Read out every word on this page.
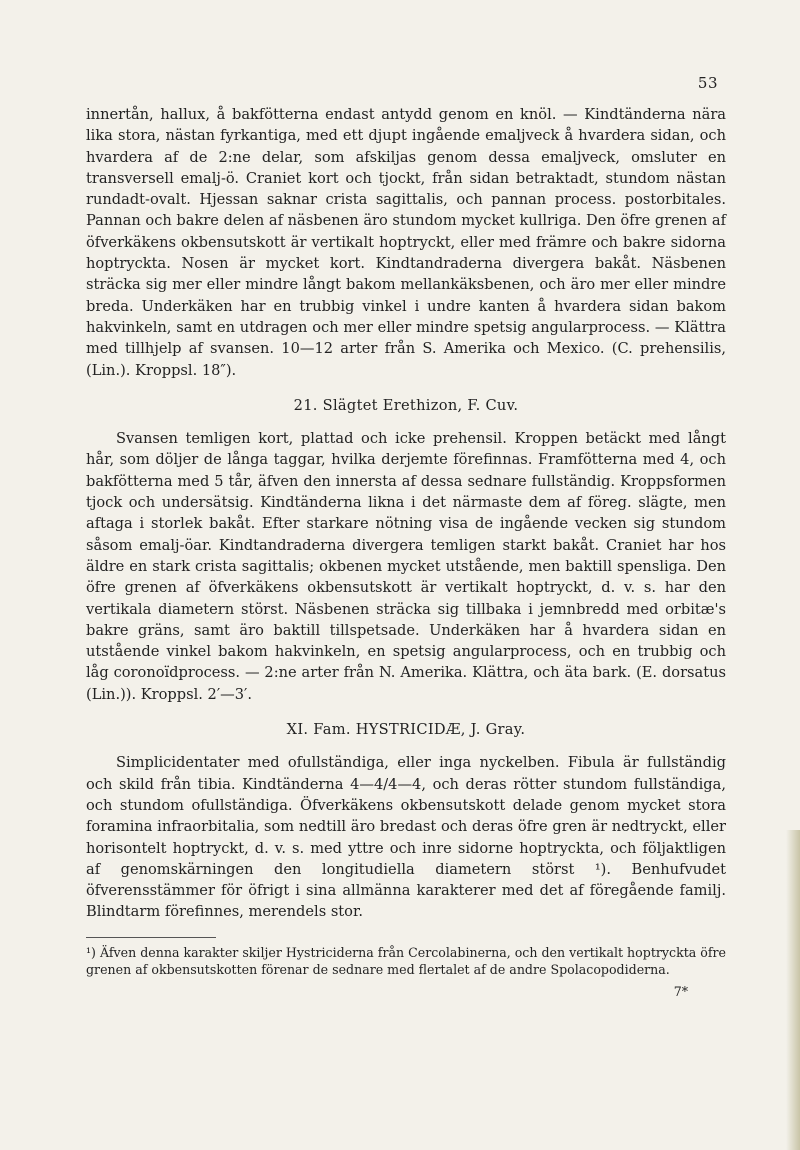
53

innertån, hallux, å bakfötterna endast antydd genom en knöl. — Kindtänderna nära lika stora, nästan fyrkantiga, med ett djupt ingående emaljveck å hvardera sidan, och hvardera af de 2:ne delar, som afskiljas genom dessa emaljveck, omsluter en transversell emalj-ö. Craniet kort och tjockt, från sidan betraktadt, stundom nästan rundadt-ovalt. Hjessan saknar crista sagittalis, och pannan process. postorbitales. Pannan och bakre delen af näsbenen äro stundom mycket kullriga. Den öfre grenen af öfverkäkens okbensutskott är vertikalt hoptryckt, eller med främre och bakre sidorna hoptryckta. Nosen är mycket kort. Kindtandraderna divergera bakåt. Näsbenen sträcka sig mer eller mindre långt bakom mellankäksbenen, och äro mer eller mindre breda. Underkäken har en trubbig vinkel i undre kanten å hvardera sidan bakom hakvinkeln, samt en utdragen och mer eller mindre spetsig angularprocess. — Klättra med tillhjelp af svansen. 10—12 arter från S. Amerika och Mexico. (C. prehensilis, (Lin.). Kroppsl. 18″).

21. Slägtet Erethizon, F. Cuv.

Svansen temligen kort, plattad och icke prehensil. Kroppen betäckt med långt hår, som döljer de långa taggar, hvilka derjemte förefinnas. Framfötterna med 4, och bakfötterna med 5 tår, äfven den innersta af dessa sednare fullständig. Kroppsformen tjock och undersätsig. Kindtänderna likna i det närmaste dem af föreg. slägte, men aftaga i storlek bakåt. Efter starkare nötning visa de ingående vecken sig stundom såsom emalj-öar. Kindtandraderna divergera temligen starkt bakåt. Craniet har hos äldre en stark crista sagittalis; okbenen mycket utstående, men baktill spensliga. Den öfre grenen af öfverkäkens okbensutskott är vertikalt hoptryckt, d. v. s. har den vertikala diametern störst. Näsbenen sträcka sig tillbaka i jemnbredd med orbitæ's bakre gräns, samt äro baktill tillspetsade. Underkäken har å hvardera sidan en utstående vinkel bakom hakvinkeln, en spetsig angularprocess, och en trubbig och låg coronoïdprocess. — 2:ne arter från N. Amerika. Klättra, och äta bark. (E. dorsatus (Lin.)). Kroppsl. 2′—3′.

XI. Fam. HYSTRICIDÆ, J. Gray.

Simplicidentater med ofullständiga, eller inga nyckelben. Fibula är fullständig och skild från tibia. Kindtänderna 4—4/4—4, och deras rötter stundom fullständiga, och stundom ofullständiga. Öfverkäkens okbensutskott delade genom mycket stora foramina infraorbitalia, som nedtill äro bredast och deras öfre gren är nedtryckt, eller horisontelt hoptryckt, d. v. s. med yttre och inre sidorne hoptryckta, och följaktligen af genomskärningen den longitudiella diametern störst ¹). Benhufvudet öfverensstämmer för öfrigt i sina allmänna karakterer med det af föregående familj. Blindtarm förefinnes, merendels stor.

¹) Äfven denna karakter skiljer Hystriciderna från Cercolabinerna, och den vertikalt hoptryckta öfre grenen af okbensutskotten förenar de sednare med flertalet af de andre Spolacopodiderna.

7*
